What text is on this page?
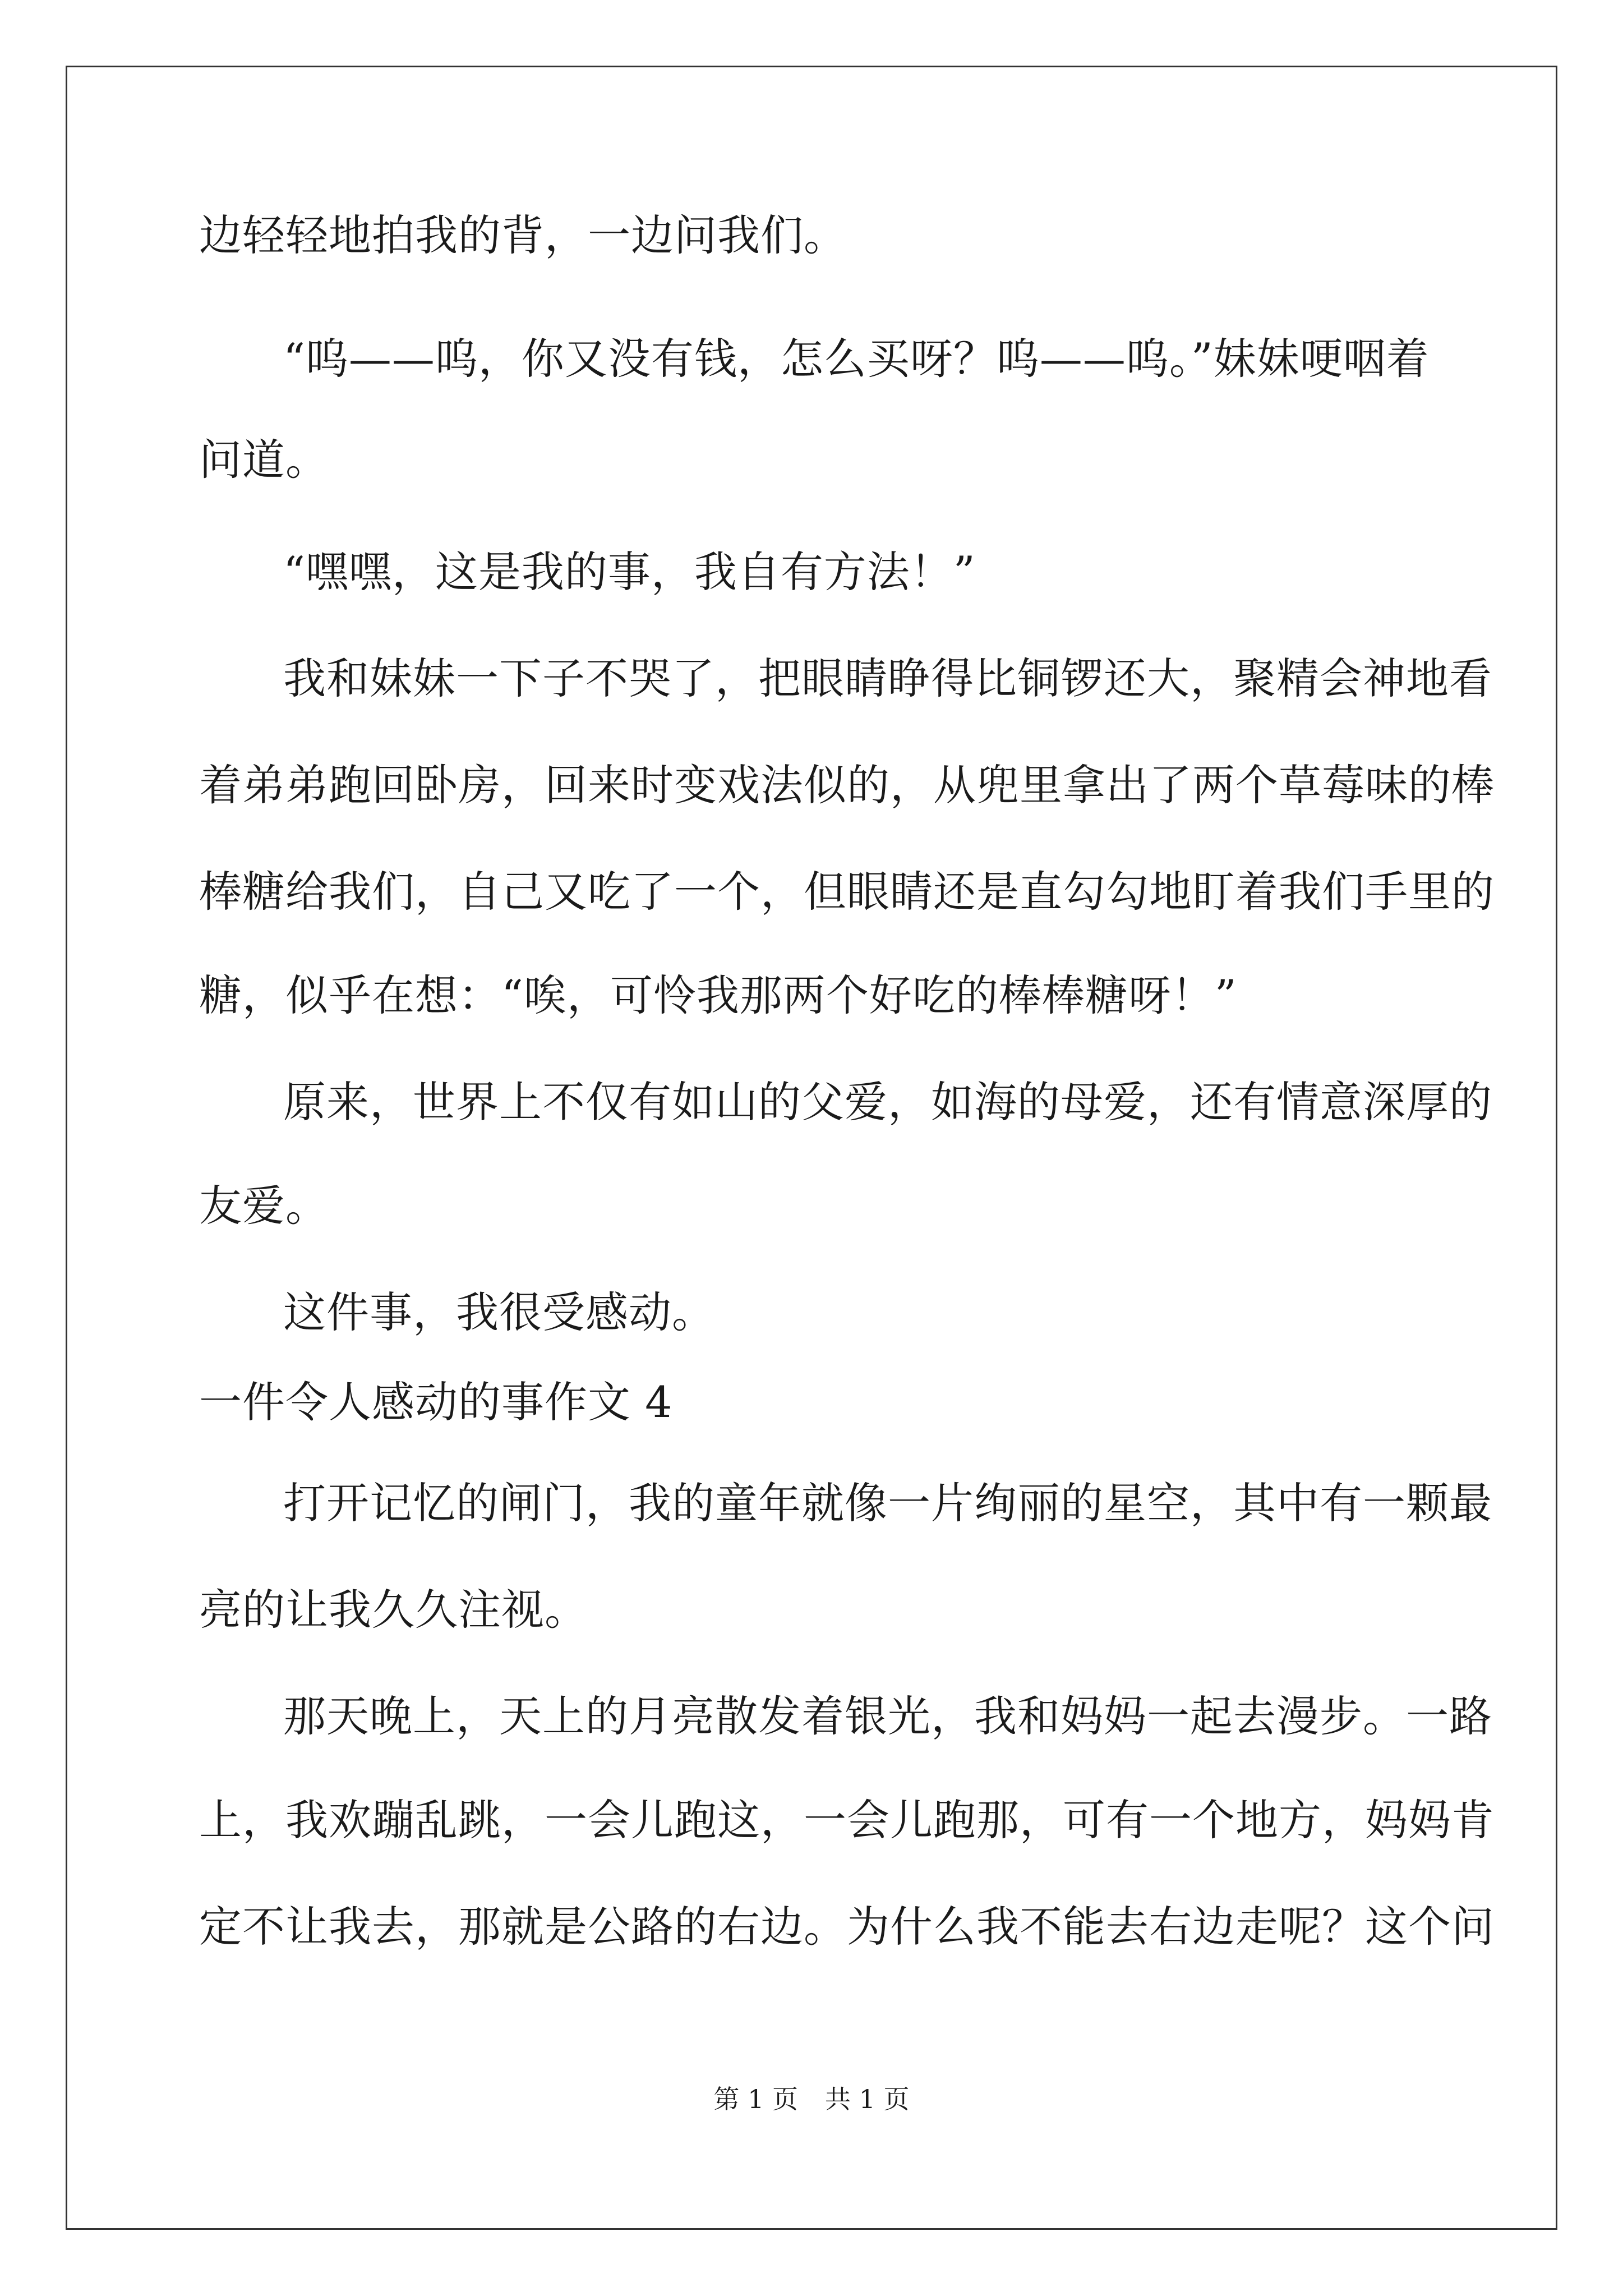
边轻轻地拍我的背，一边问我们。

“呜——呜，你又没有钱，怎么买呀？呜——呜。”妹妹哽咽着

问道。

“嘿嘿，这是我的事，我自有方法！”

我和妹妹一下子不哭了，把眼睛睁得比铜锣还大，聚精会神地看

着弟弟跑回卧房，回来时变戏法似的，从兜里拿出了两个草莓味的棒

棒糖给我们，自己又吃了一个，但眼睛还是直勾勾地盯着我们手里的

糖，似乎在想：“唉，可怜我那两个好吃的棒棒糖呀！”

原来，世界上不仅有如山的父爱，如海的母爱，还有情意深厚的

友爱。

这件事，我很受感动。

一件令人感动的事作文 4

打开记忆的闸门，我的童年就像一片绚丽的星空，其中有一颗最

亮的让我久久注视。

那天晚上，天上的月亮散发着银光，我和妈妈一起去漫步。一路

上，我欢蹦乱跳，一会儿跑这，一会儿跑那，可有一个地方，妈妈肯

定不让我去，那就是公路的右边。为什么我不能去右边走呢？这个问

第 1 页 共 1 页
